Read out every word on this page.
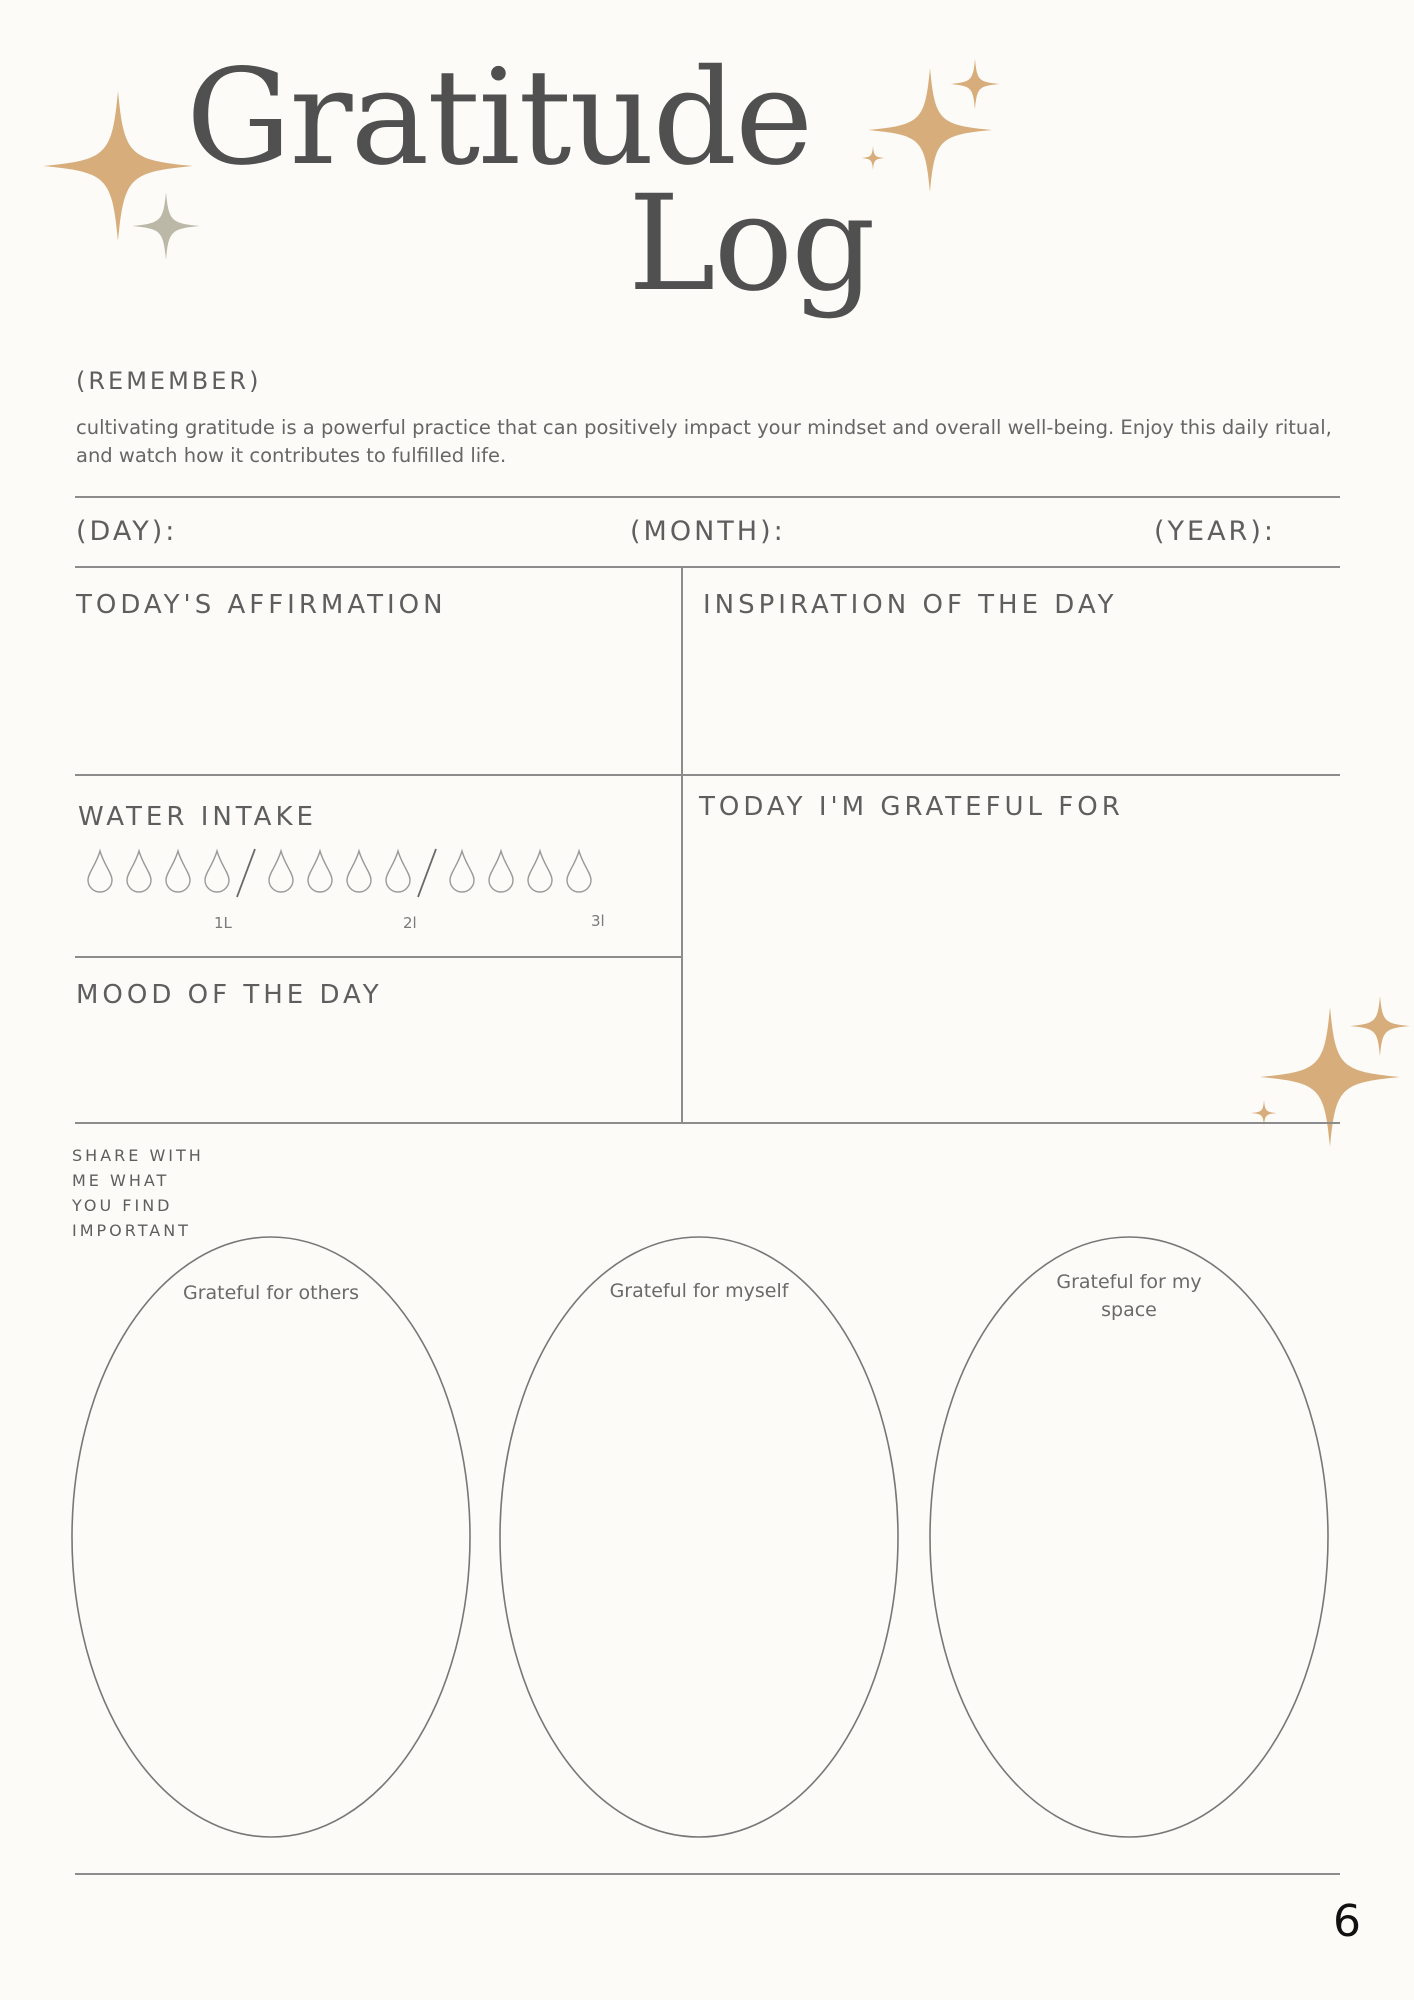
Gratitude
Log
(REMEMBER)
cultivating gratitude is a powerful practice that can positively impact your mindset and overall well-being. Enjoy this daily ritual, and watch how it contributes to fulfilled life.
(DAY):	(MONTH):	(YEAR):
TODAY'S AFFIRMATION	INSPIRATION OF THE DAY
WATER INTAKE	TODAY I'M GRATEFUL FOR
MOOD OF THE DAY
1L	2l	3l
SHARE WITH
ME WHAT
YOU FIND
IMPORTANT
Grateful for others	Grateful for myself	Grateful for my space
6
